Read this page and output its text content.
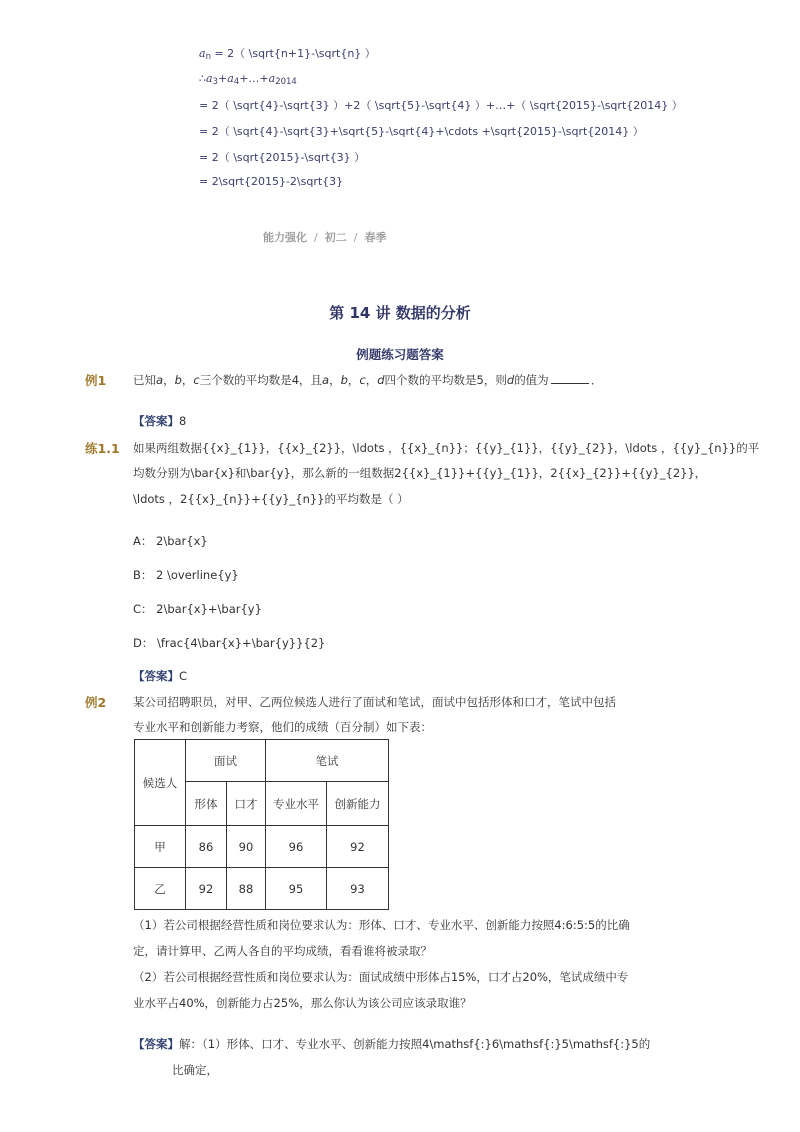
an = 2（ \sqrt{n+1}-\sqrt{n} ）
∴a3+a4+…+a2014
= 2（ \sqrt{4}-\sqrt{3} ）+2（ \sqrt{5}-\sqrt{4} ）+…+（ \sqrt{2015}-\sqrt{2014} ）
= 2（ \sqrt{4}-\sqrt{3}+\sqrt{5}-\sqrt{4}+\cdots +\sqrt{2015}-\sqrt{2014} ）
= 2（ \sqrt{2015}-\sqrt{3} ）
= 2\sqrt{2015}-2\sqrt{3}
能力强化 / 初二 / 春季
第 14 讲 数据的分析
例题练习题答案
例1 已知a，b，c三个数的平均数是4，且a，b，c，d四个数的平均数是5，则d的值为	．
【答案】8
练1.1 如果两组数据{{x}_{1}}，{{x}_{2}}，\ldots ，{{x}_{n}}；{{y}_{1}}，{{y}_{2}}，\ldots ，{{y}_{n}}的平
均数分别为\bar{x}和\bar{y}，那么新的一组数据2{{x}_{1}}+{{y}_{1}}，2{{x}_{2}}+{{y}_{2}}，
\ldots ，2{{x}_{n}}+{{y}_{n}}的平均数是（ ）
A： 2\bar{x}
B： 2 \overline{y}
C： 2\bar{x}+\bar{y}
D： \frac{4\bar{x}+\bar{y}}{2}
【答案】C
例2 某公司招聘职员，对甲、乙两位候选人进行了面试和笔试，面试中包括形体和口才，笔试中包括
专业水平和创新能力考察，他们的成绩（百分制）如下表：
候选人	面试		笔试	
	形体	口才	专业水平	创新能力
甲	86	90	96	92
乙	92	88	95	93
（1）若公司根据经营性质和岗位要求认为：形体、口才、专业水平、创新能力按照4:6:5:5的比确
定，请计算甲、乙两人各自的平均成绩，看看谁将被录取？
（2）若公司根据经营性质和岗位要求认为：面试成绩中形体占15%，口才占20%，笔试成绩中专
业水平占40%，创新能力占25%，那么你认为该公司应该录取谁？
【答案】解：（1）形体、口才、专业水平、创新能力按照4\mathsf{:}6\mathsf{:}5\mathsf{:}5的
比确定，
